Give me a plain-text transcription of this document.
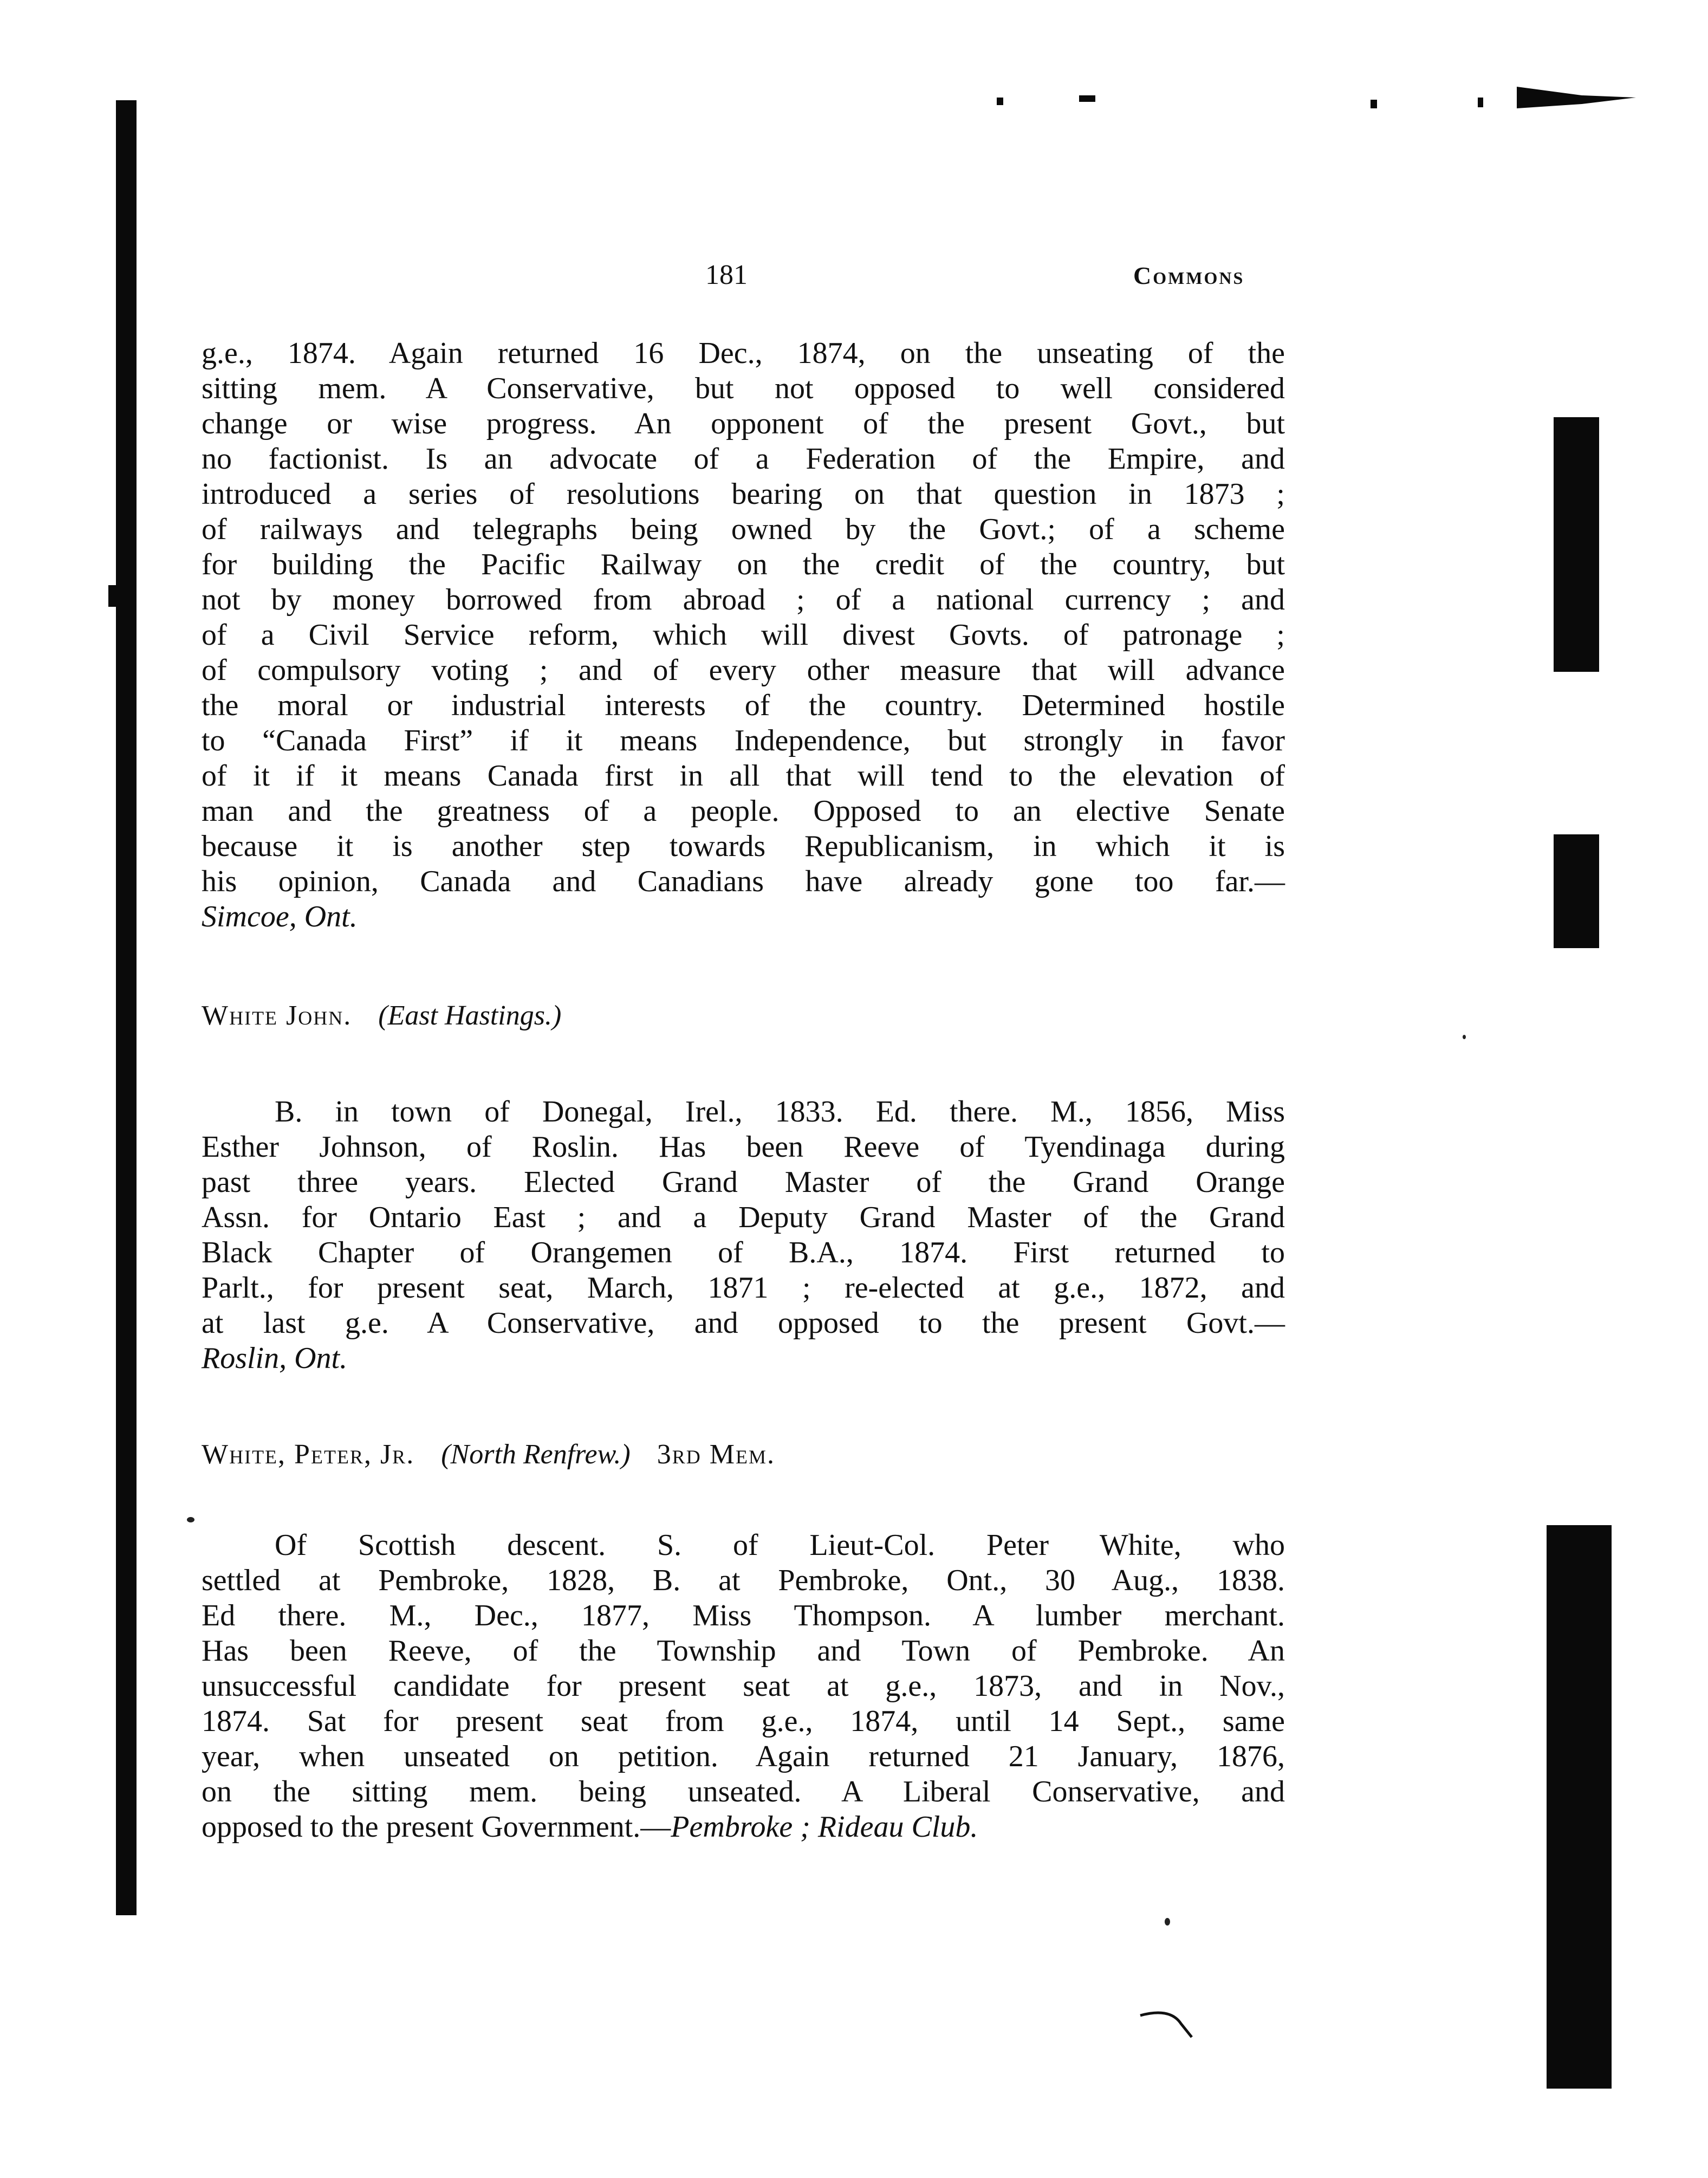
181	Commons
g.e., 1874. Again returned 16 Dec., 1874, on the unseating of the
sitting mem. A Conservative, but not opposed to well considered
change or wise progress. An opponent of the present Govt., but
no factionist. Is an advocate of a Federation of the Empire, and
introduced a series of resolutions bearing on that question in 1873 ;
of railways and telegraphs being owned by the Govt.; of a scheme
for building the Pacific Railway on the credit of the country, but
not by money borrowed from abroad ; of a national currency ; and
of a Civil Service reform, which will divest Govts. of patronage ;
of compulsory voting ; and of every other measure that will advance
the moral or industrial interests of the country. Determined hostile
to “Canada First” if it means Independence, but strongly in favor
of it if it means Canada first in all that will tend to the elevation of
man and the greatness of a people. Opposed to an elective Senate
because it is another step towards Republicanism, in which it is
his opinion, Canada and Canadians have already gone too far.—
Simcoe, Ont.
White John. (East Hastings.)
B. in town of Donegal, Irel., 1833. Ed. there. M., 1856, Miss
Esther Johnson, of Roslin. Has been Reeve of Tyendinaga during
past three years. Elected Grand Master of the Grand Orange
Assn. for Ontario East ; and a Deputy Grand Master of the Grand
Black Chapter of Orangemen of B.A., 1874. First returned to
Parlt., for present seat, March, 1871 ; re-elected at g.e., 1872, and
at last g.e. A Conservative, and opposed to the present Govt.—
Roslin, Ont.
White, Peter, Jr. (North Renfrew.) 3rd Mem.
Of Scottish descent. S. of Lieut-Col. Peter White, who
settled at Pembroke, 1828, B. at Pembroke, Ont., 30 Aug., 1838.
Ed there. M., Dec., 1877, Miss Thompson. A lumber merchant.
Has been Reeve, of the Township and Town of Pembroke. An
unsuccessful candidate for present seat at g.e., 1873, and in Nov.,
1874. Sat for present seat from g.e., 1874, until 14 Sept., same
year, when unseated on petition. Again returned 21 January, 1876,
on the sitting mem. being unseated. A Liberal Conservative, and
opposed to the present Government.—Pembroke ; Rideau Club.
